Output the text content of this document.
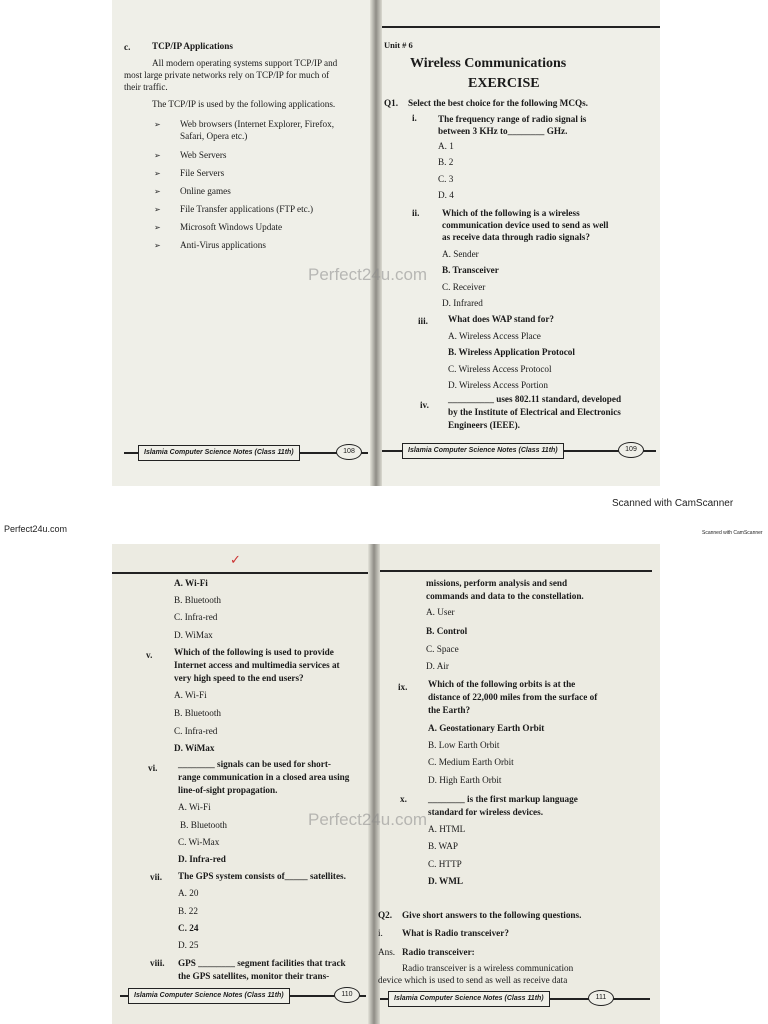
c. TCP/IP Applications
All modern operating systems support TCP/IP and
most large private networks rely on TCP/IP for much of
their traffic.
The TCP/IP is used by the following applications.
➢ Web browsers (Internet Explorer, Firefox,
Safari, Opera etc.)
➢ Web Servers
➢ File Servers
➢ Online games
➢ File Transfer applications (FTP etc.)
➢ Microsoft Windows Update
➢ Anti-Virus applications
Islamia Computer Science Notes (Class 11th)	108
Unit # 6
Wireless Communications
EXERCISE
Q1. Select the best choice for the following MCQs.
i. The frequency range of radio signal is
between 3 KHz to________ GHz.
A. 1
B. 2
C. 3
D. 4
ii. Which of the following is a wireless
communication device used to send as well
as receive data through radio signals?
A. Sender
B. Transceiver
C. Receiver
D. Infrared
iii. What does WAP stand for?
A. Wireless Access Place
B. Wireless Application Protocol
C. Wireless Access Protocol
D. Wireless Access Portion
iv.
__________ uses 802.11 standard, developed
by the Institute of Electrical and Electronics
Engineers (IEEE).
Islamia Computer Science Notes (Class 11th)	109
Perfect24u.com
Scanned with CamScanner
Perfect24u.com	Scanned with CamScanner
✓
A. Wi-Fi
B. Bluetooth
C. Infra-red
D. WiMax
v. Which of the following is used to provide
Internet access and multimedia services at
very high speed to the end users?
A. Wi-Fi
B. Bluetooth
C. Infra-red
D. WiMax
vi. ________ signals can be used for short-
range communication in a closed area using
line-of-sight propagation.
A. Wi-Fi
B. Bluetooth
C. Wi-Max
D. Infra-red
vii. The GPS system consists of_____ satellites.
A. 20
B. 22
C. 24
D. 25
viii. GPS ________ segment facilities that track
the GPS satellites, monitor their trans-
Islamia Computer Science Notes (Class 11th)	110
missions, perform analysis and send
commands and data to the constellation.
A. User
B. Control
C. Space
D. Air
ix. Which of the following orbits is at the
distance of 22,000 miles from the surface of
the Earth?
A. Geostationary Earth Orbit
B. Low Earth Orbit
C. Medium Earth Orbit
D. High Earth Orbit
x. ________ is the first markup language
standard for wireless devices.
A. HTML
B. WAP
C. HTTP
D. WML
Q2. Give short answers to the following questions.
i. What is Radio transceiver?
Ans. Radio transceiver:
Radio transceiver is a wireless communication
device which is used to send as well as receive data
Islamia Computer Science Notes (Class 11th)	111
Perfect24u.com
